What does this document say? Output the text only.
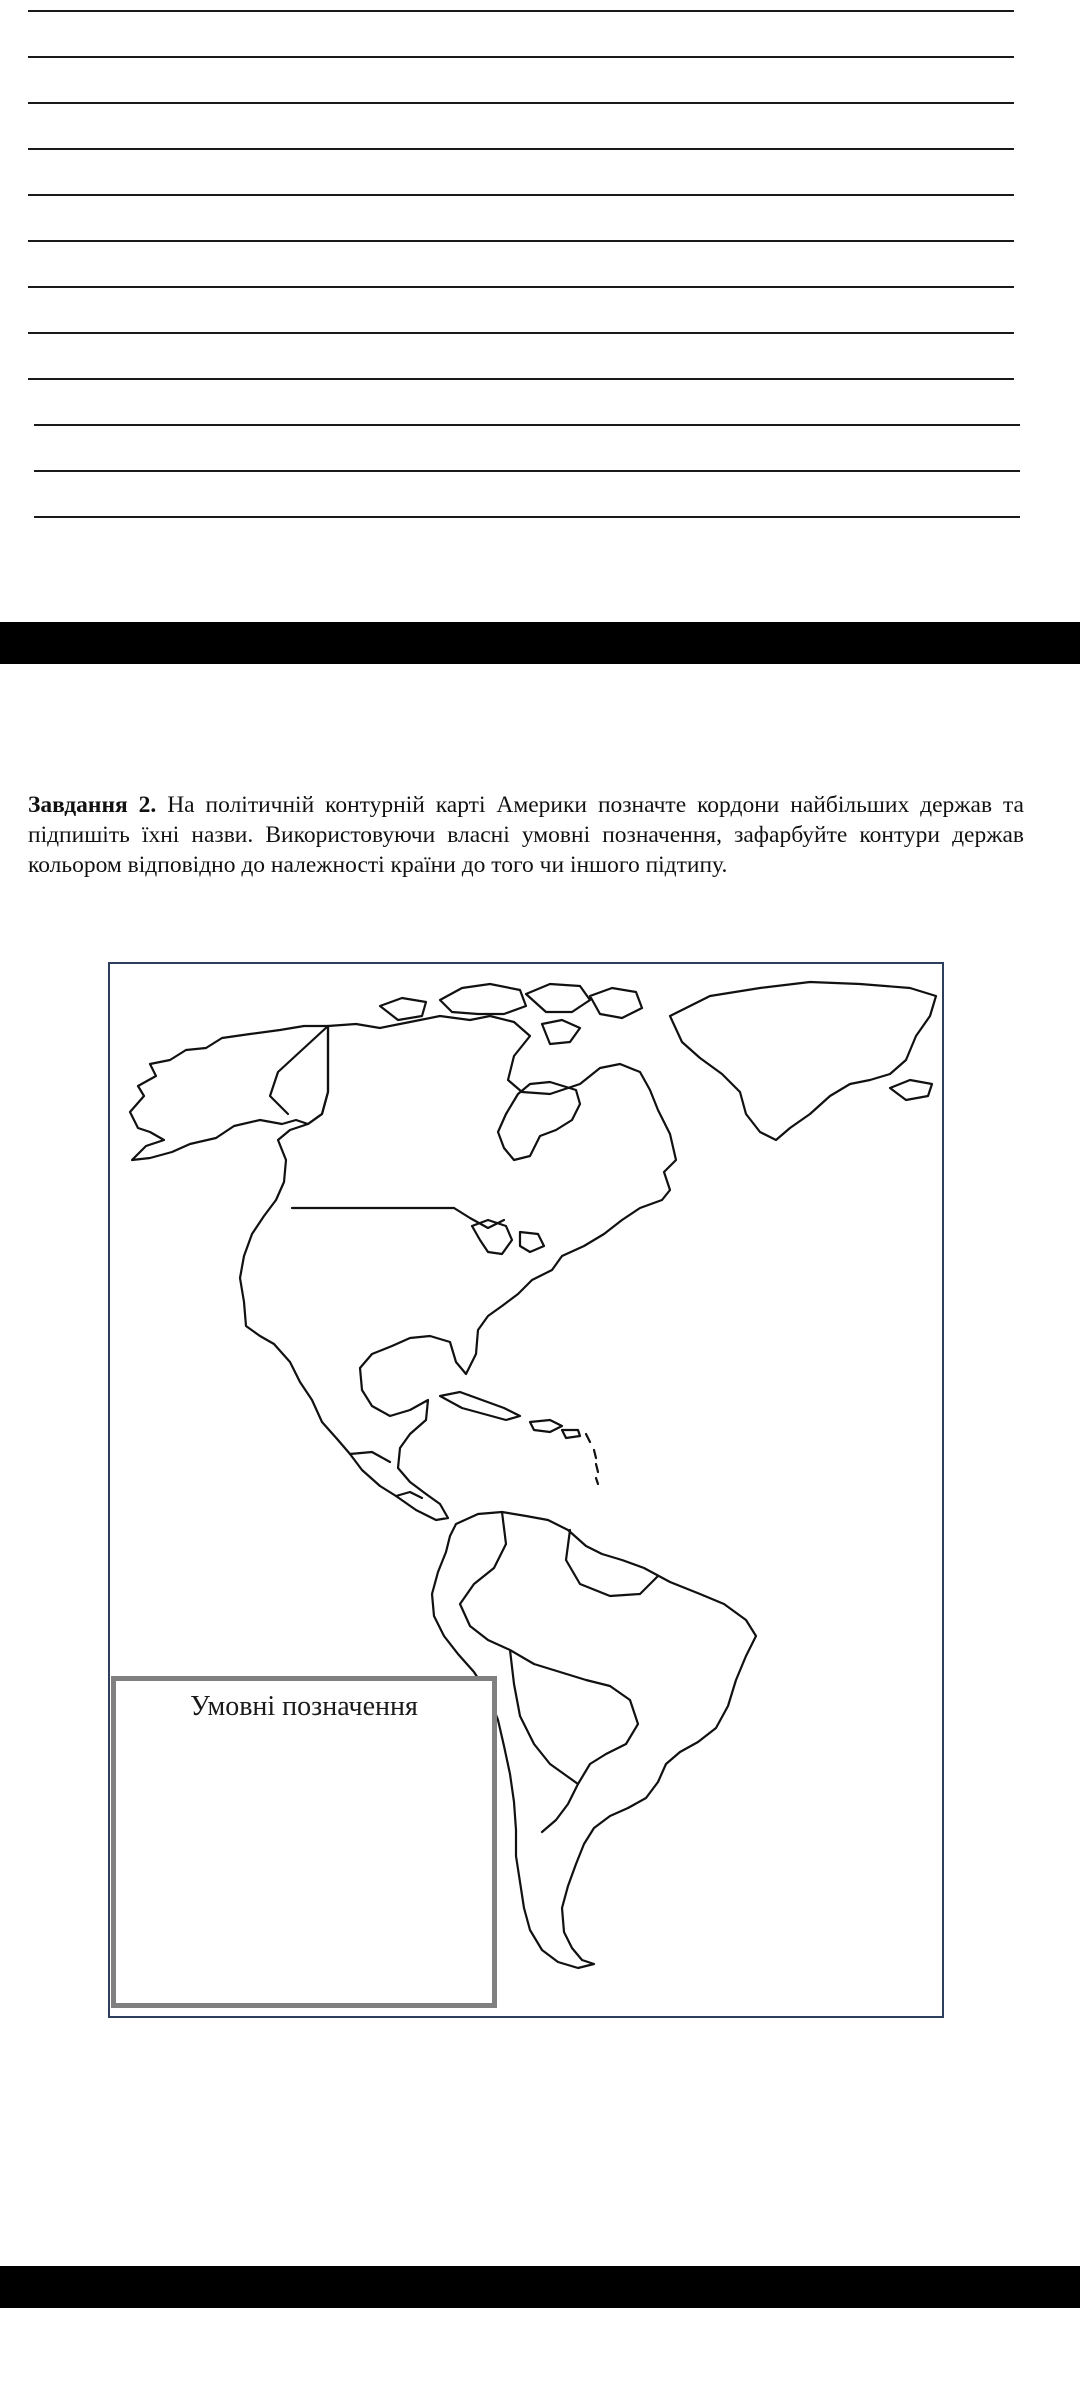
Завдання 2. На політичній контурній карті Америки позначте кордони найбільших держав та підпишіть їхні назви. Використовуючи власні умовні позначення, зафарбуйте контури держав кольором відповідно до належності країни до того чи іншого підтипу.
Умовні позначення
